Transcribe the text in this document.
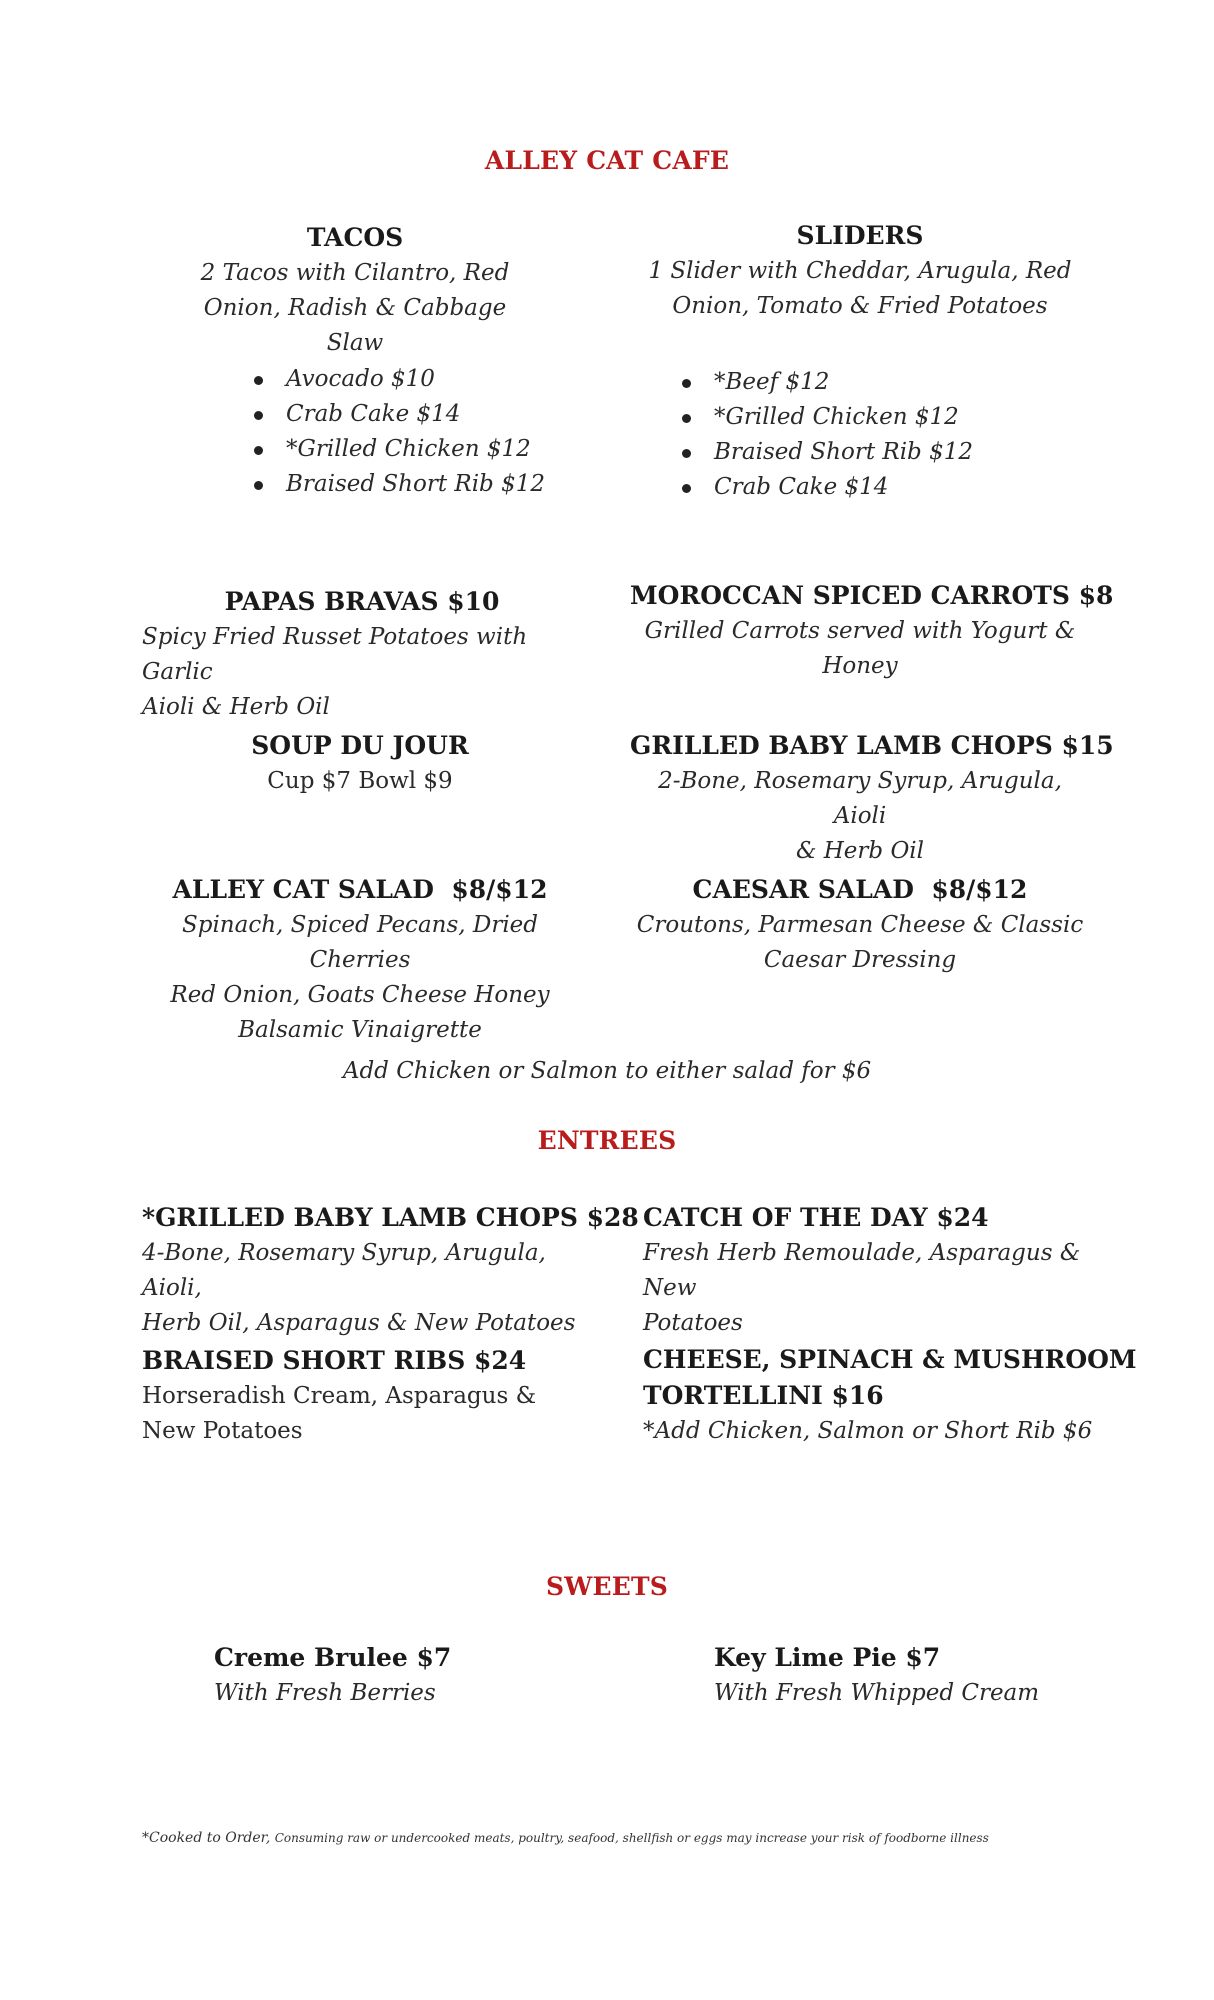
ALLEY CAT CAFE
TACOS
2 Tacos with Cilantro, Red
Onion, Radish & Cabbage Slaw
Avocado $10
Crab Cake $14
*Grilled Chicken $12
Braised Short Rib $12
SLIDERS
1 Slider with Cheddar, Arugula, Red
Onion, Tomato & Fried Potatoes
*Beef $12
*Grilled Chicken $12
Braised Short Rib $12
Crab Cake $14
PAPAS BRAVAS $10
Spicy Fried Russet Potatoes with Garlic
Aioli & Herb Oil
MOROCCAN SPICED CARROTS $8
Grilled Carrots served with Yogurt &
Honey
SOUP DU JOUR
Cup $7 Bowl $9
GRILLED BABY LAMB CHOPS $15
2-Bone, Rosemary Syrup, Arugula, Aioli
& Herb Oil
ALLEY CAT SALAD  $8/$12
Spinach, Spiced Pecans, Dried Cherries
Red Onion, Goats Cheese Honey
Balsamic Vinaigrette
CAESAR SALAD  $8/$12
Croutons, Parmesan Cheese & Classic
Caesar Dressing
Add Chicken or Salmon to either salad for $6
ENTREES
*GRILLED BABY LAMB CHOPS $28
4-Bone, Rosemary Syrup, Arugula, Aioli,
Herb Oil, Asparagus & New Potatoes
CATCH OF THE DAY $24
Fresh Herb Remoulade, Asparagus & New
Potatoes
BRAISED SHORT RIBS $24
Horseradish Cream, Asparagus &
New Potatoes
CHEESE, SPINACH & MUSHROOM
TORTELLINI $16
*Add Chicken, Salmon or Short Rib $6
SWEETS
Creme Brulee $7
With Fresh Berries
Key Lime Pie $7
With Fresh Whipped Cream
*Cooked to Order, Consuming raw or undercooked meats, poultry, seafood, shellfish or eggs may increase your risk of foodborne illness
